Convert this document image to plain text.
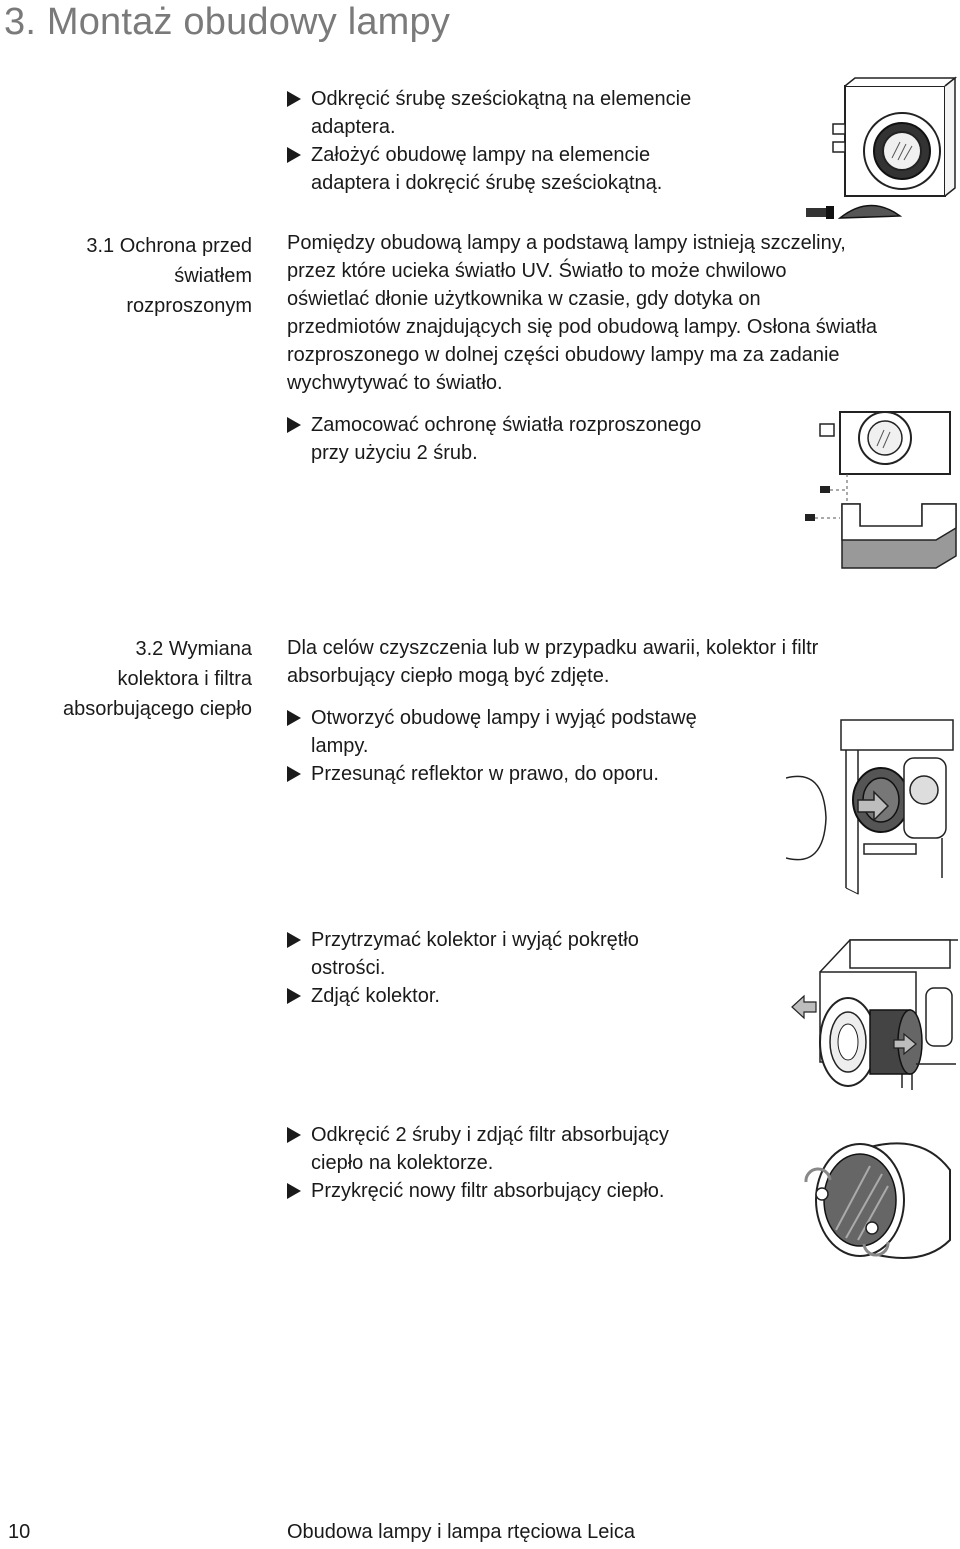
3. Montaż obudowy lampy
Odkręcić śrubę sześciokątną na elemencie
adaptera.
Założyć obudowę lampy na elemencie
adaptera i dokręcić śrubę sześciokątną.
3.1 Ochrona przed
światłem
rozproszonym
Pomiędzy obudową lampy a podstawą lampy istnieją szczeliny,
przez które ucieka światło UV. Światło to może chwilowo
oświetlać dłonie użytkownika w czasie, gdy dotyka on
przedmiotów znajdujących się pod obudową lampy. Osłona światła
rozproszonego w dolnej części obudowy lampy ma za zadanie
wychwytywać to światło.
Zamocować ochronę światła rozproszonego
przy użyciu 2 śrub.
3.2 Wymiana
kolektora i filtra
absorbującego ciepło
Dla celów czyszczenia lub w przypadku awarii, kolektor i filtr
absorbujący ciepło mogą być zdjęte.
Otworzyć obudowę lampy i wyjąć podstawę
lampy.
Przesunąć reflektor w prawo, do oporu.
Przytrzymać kolektor i wyjąć pokrętło
ostrości.
Zdjąć kolektor.
Odkręcić 2 śruby i zdjąć filtr absorbujący
ciepło na kolektorze.
Przykręcić nowy filtr absorbujący ciepło.
10	Obudowa lampy i lampa rtęciowa Leica
